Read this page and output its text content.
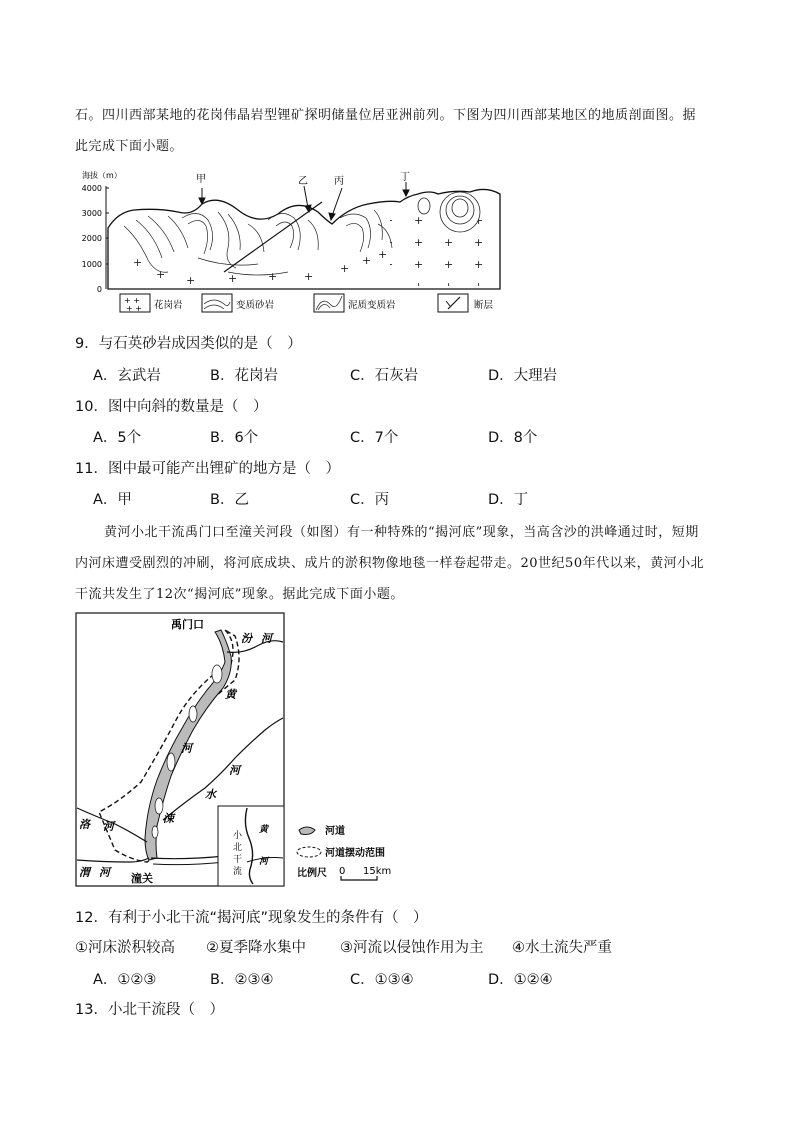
石。四川西部某地的花岗伟晶岩型锂矿探明储量位居亚洲前列。下图为四川西部某地区的地质剖面图。据
此完成下面小题。
海拔（m）
4000
3000
2000
1000
0
+
+ +	+	+ +
+
+ +
甲	乙	丙	丁
+ +
+ + 花岗岩	变质砂岩	泥质变质岩	断层
9．与石英砂岩成因类似的是（　）
A．玄武岩	B．花岗岩	C．石灰岩	D．大理岩
10．图中向斜的数量是（　）
A．5个	B．6个	C．7个	D．8个
11．图中最可能产出锂矿的地方是（　）
A．甲	B．乙	C．丙	D．丁
黄河小北干流禹门口至潼关河段（如图）有一种特殊的“揭河底”现象，当高含沙的洪峰通过时，短期
内河床遭受剧烈的冲刷，将河底成块、成片的淤积物像地毯一样卷起带走。20世纪50年代以来，黄河小北
干流共发生了12次“揭河底”现象。据此完成下面小题。
禹门口
汾 河
黄
河
河
水
涑
洛 河
渭 河 潼关
小
北
干
流
黄
河
河道
河道摆动范围
比例尺 0 15km
12．有利于小北干流“揭河底”现象发生的条件有（　）
①河床淤积较高 ②夏季降水集中 ③河流以侵蚀作用为主 ④水土流失严重
A．①②③	B．②③④	C．①③④	D．①②④
13．小北干流段（　）
